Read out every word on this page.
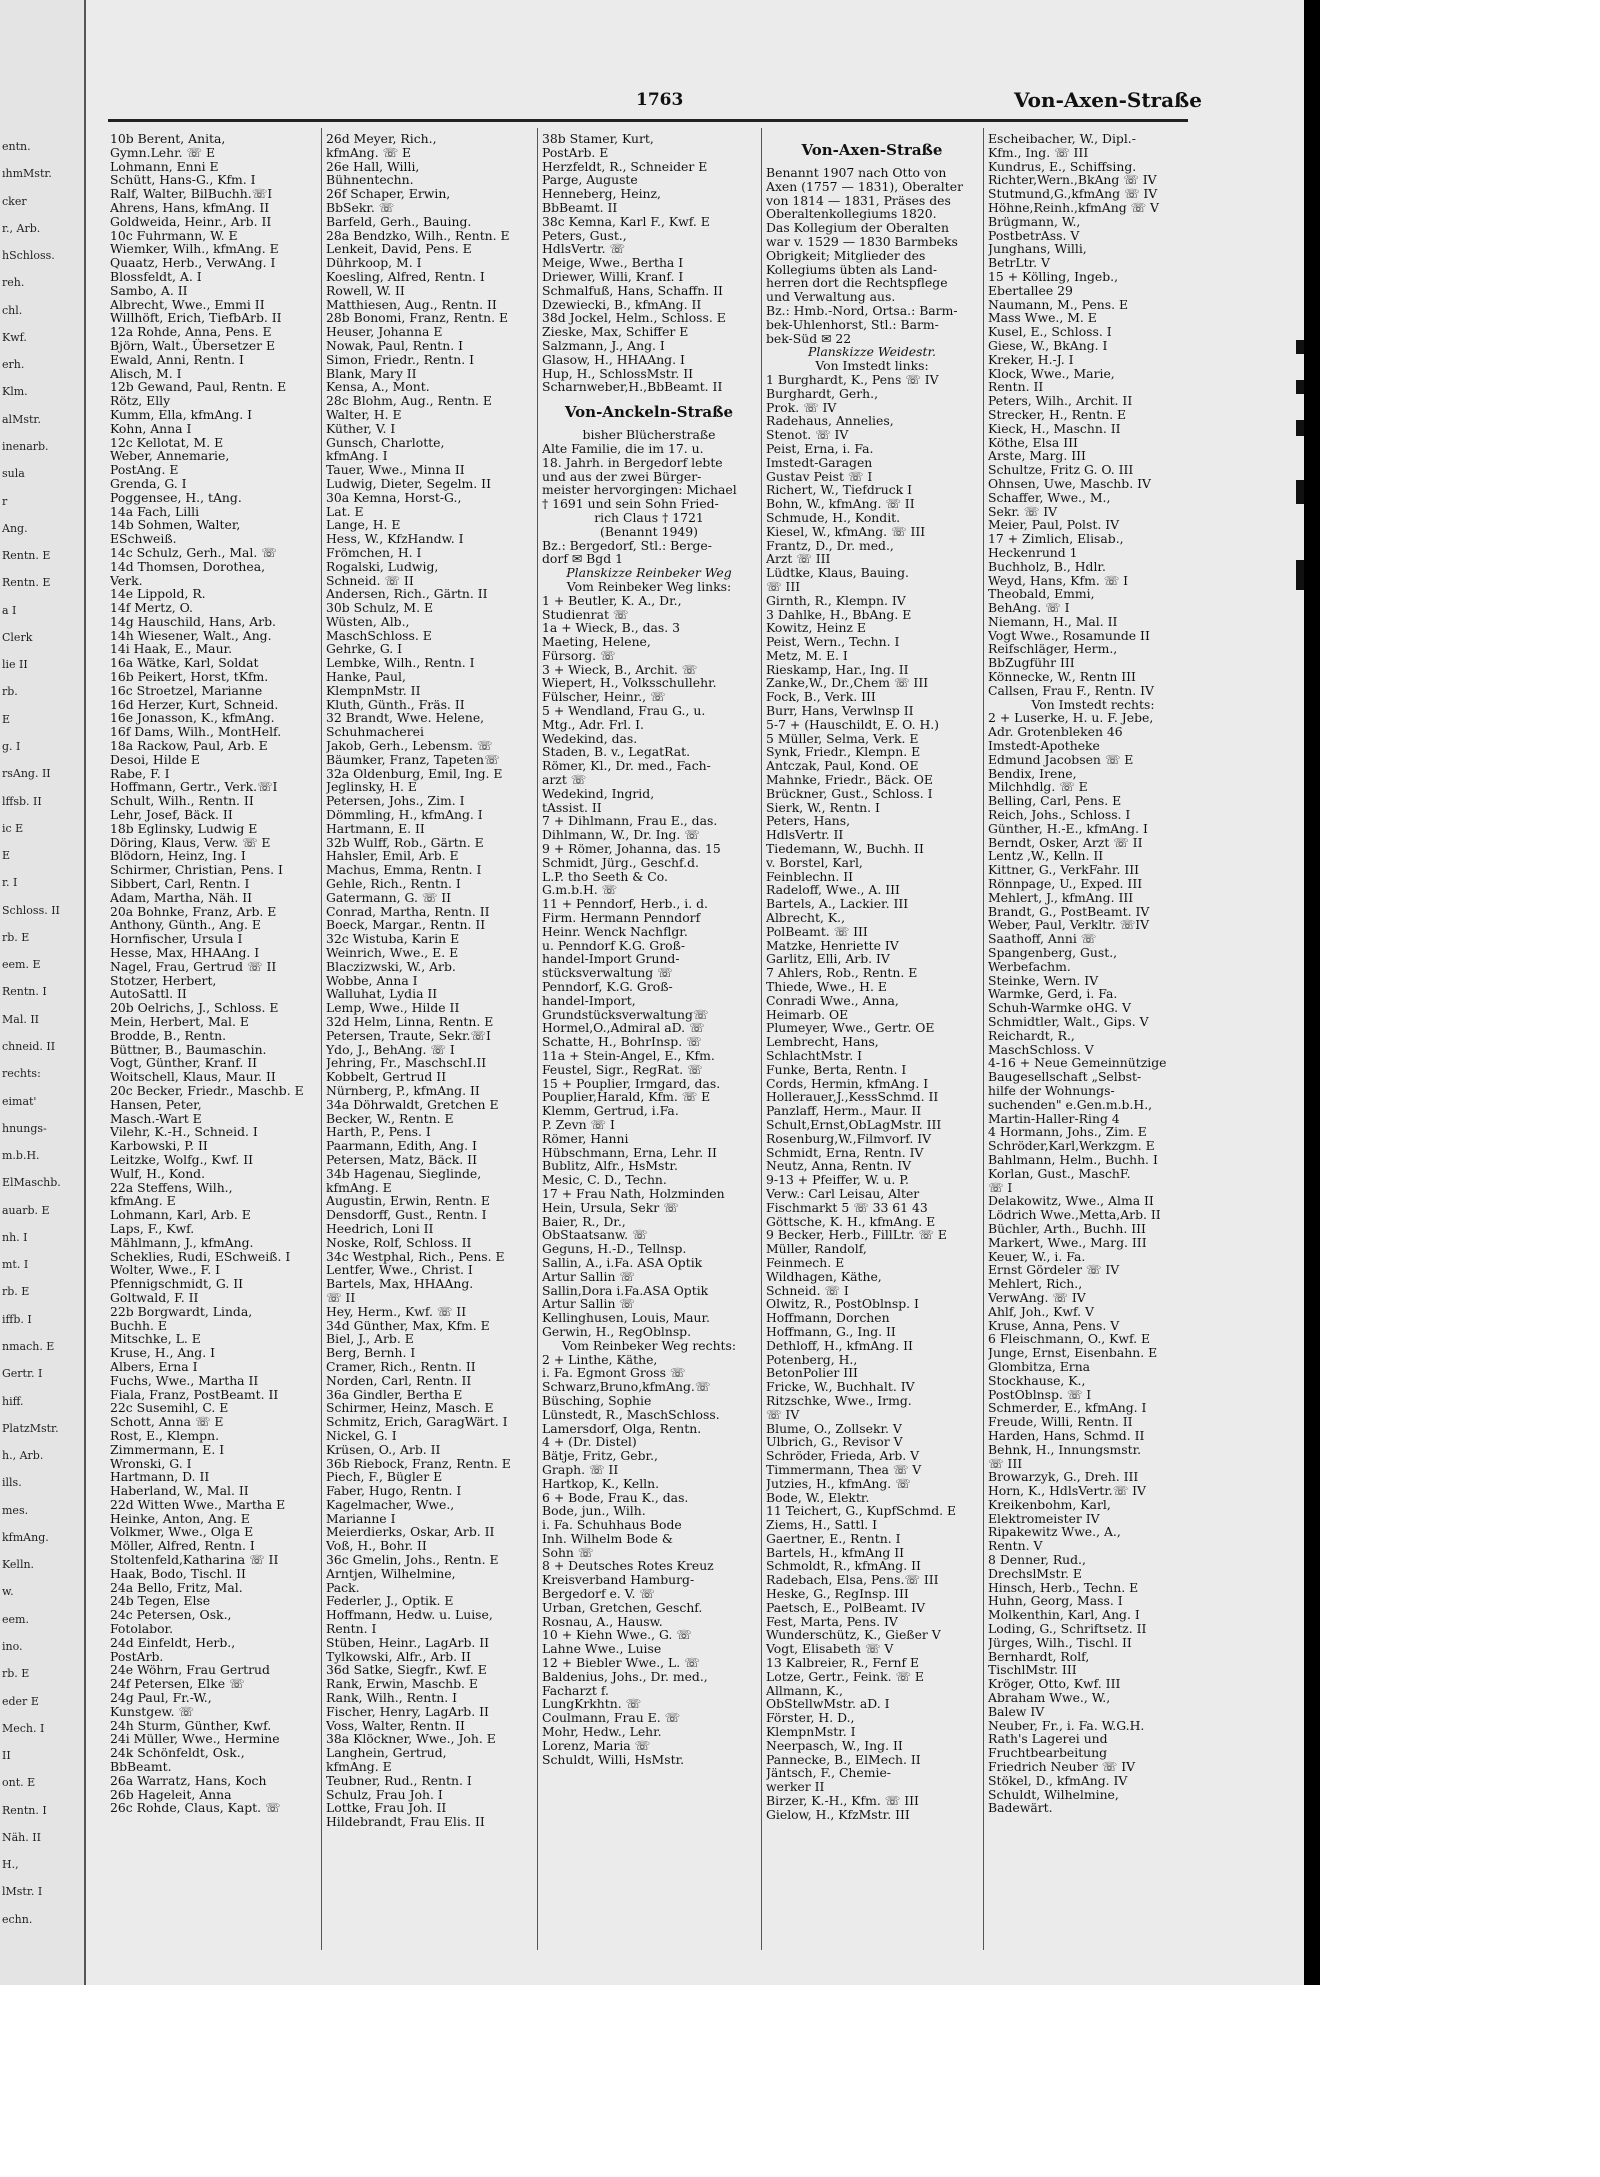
entn.
ıhmMstr.
cker
r., Arb.
hSchloss.
reh.
chl.
Kwf.
erh.
Klm.
alMstr.
inenarb.
sula
r
Ang.
Rentn. E
Rentn. E
a I
Clerk
lie II
rb.
E
g. I
rsAng. II
lffsb. II
ic E
E
r. I
Schloss. II
rb. E
eem. E
Rentn. I
Mal. II
chneid. II
rechts:
eimat'
hnungs-
m.b.H.
ElMaschb.
auarb. E
nh. I
mt. I
rb. E
iffb. I
nmach. E
Gertr. I
hiff.
PlatzMstr.
h., Arb.
ills.
mes.
kfmAng.
Kelln.
w.
eem.
ino.
rb. E
eder E
Mech. I
II
ont. E
Rentn. I
Näh. II
H.,
lMstr. I
echn.
1763	Von-Axen-Straße
10b Berent, Anita,
Gymn.Lehr. ☏ E
Lohmann, Enni E
Schütt, Hans-G., Kfm. I
Ralf, Walter, BilBuchh.☏I
Ahrens, Hans, kfmAng. II
Goldweida, Heinr., Arb. II
10c Fuhrmann, W. E
Wiemker, Wilh., kfmAng. E
Quaatz, Herb., VerwAng. I
Blossfeldt, A. I
Sambo, A. II
Albrecht, Wwe., Emmi II
Willhöft, Erich, TiefbArb. II
12a Rohde, Anna, Pens. E
Björn, Walt., Übersetzer E
Ewald, Anni, Rentn. I
Alisch, M. I
12b Gewand, Paul, Rentn. E
Rötz, Elly
Kumm, Ella, kfmAng. I
Kohn, Anna I
12c Kellotat, M. E
Weber, Annemarie,
PostAng. E
Grenda, G. I
Poggensee, H., tAng.
14a Fach, Lilli
14b Sohmen, Walter,
ESchweiß.
14c Schulz, Gerh., Mal. ☏
14d Thomsen, Dorothea,
Verk.
14e Lippold, R.
14f Mertz, O.
14g Hauschild, Hans, Arb.
14h Wiesener, Walt., Ang.
14i Haak, E., Maur.
16a Wätke, Karl, Soldat
16b Peikert, Horst, tKfm.
16c Stroetzel, Marianne
16d Herzer, Kurt, Schneid.
16e Jonasson, K., kfmAng.
16f Dams, Wilh., MontHelf.
18a Rackow, Paul, Arb. E
Desoi, Hilde E
Rabe, F. I
Hoffmann, Gertr., Verk.☏I
Schult, Wilh., Rentn. II
Lehr, Josef, Bäck. II
18b Eglinsky, Ludwig E
Döring, Klaus, Verw. ☏ E
Blödorn, Heinz, Ing. I
Schirmer, Christian, Pens. I
Sibbert, Carl, Rentn. I
Adam, Martha, Näh. II
20a Bohnke, Franz, Arb. E
Anthony, Günth., Ang. E
Hornfischer, Ursula I
Hesse, Max, HHAAng. I
Nagel, Frau, Gertrud ☏ II
Stotzer, Herbert,
AutoSattl. II
20b Oelrichs, J., Schloss. E
Mein, Herbert, Mal. E
Brodde, B., Rentn.
Büttner, B., Baumaschin.
Vogt, Günther, Kranf. II
Woitschell, Klaus, Maur. II
20c Becker, Friedr., Maschb. E
Hansen, Peter,
Masch.-Wart E
Vilehr, K.-H., Schneid. I
Karbowski, P. II
Leitzke, Wolfg., Kwf. II
Wulf, H., Kond.
22a Steffens, Wilh.,
kfmAng. E
Lohmann, Karl, Arb. E
Laps, F., Kwf.
Mählmann, J., kfmAng.
Scheklies, Rudi, ESchweiß. I
Wolter, Wwe., F. I
Pfennigschmidt, G. II
Goltwald, F. II
22b Borgwardt, Linda,
Buchh. E
Mitschke, L. E
Kruse, H., Ang. I
Albers, Erna I
Fuchs, Wwe., Martha II
Fiala, Franz, PostBeamt. II
22c Susemihl, C. E
Schott, Anna ☏ E
Rost, E., Klempn.
Zimmermann, E. I
Wronski, G. I
Hartmann, D. II
Haberland, W., Mal. II
22d Witten Wwe., Martha E
Heinke, Anton, Ang. E
Volkmer, Wwe., Olga E
Möller, Alfred, Rentn. I
Stoltenfeld,Katharina ☏ II
Haak, Bodo, Tischl. II
24a Bello, Fritz, Mal.
24b Tegen, Else
24c Petersen, Osk.,
Fotolabor.
24d Einfeldt, Herb.,
PostArb.
24e Wöhrn, Frau Gertrud
24f Petersen, Elke ☏
24g Paul, Fr.-W.,
Kunstgew. ☏
24h Sturm, Günther, Kwf.
24i Müller, Wwe., Hermine
24k Schönfeldt, Osk.,
BbBeamt.
26a Warratz, Hans, Koch
26b Hageleit, Anna
26c Rohde, Claus, Kapt. ☏
26d Meyer, Rich.,
kfmAng. ☏ E
26e Hall, Willi,
Bühnentechn.
26f Schaper, Erwin,
BbSekr. ☏
Barfeld, Gerh., Bauing.
28a Bendzko, Wilh., Rentn. E
Lenkeit, David, Pens. E
Dührkoop, M. I
Koesling, Alfred, Rentn. I
Rowell, W. II
Matthiesen, Aug., Rentn. II
28b Bonomi, Franz, Rentn. E
Heuser, Johanna E
Nowak, Paul, Rentn. I
Simon, Friedr., Rentn. I
Blank, Mary II
Kensa, A., Mont.
28c Blohm, Aug., Rentn. E
Walter, H. E
Küther, V. I
Gunsch, Charlotte,
kfmAng. I
Tauer, Wwe., Minna II
Ludwig, Dieter, Segelm. II
30a Kemna, Horst-G.,
Lat. E
Lange, H. E
Hess, W., KfzHandw. I
Frömchen, H. I
Rogalski, Ludwig,
Schneid. ☏ II
Andersen, Rich., Gärtn. II
30b Schulz, M. E
Wüsten, Alb.,
MaschSchloss. E
Gehrke, G. I
Lembke, Wilh., Rentn. I
Hanke, Paul,
KlempnMstr. II
Kluth, Günth., Fräs. II
32 Brandt, Wwe. Helene,
Schuhmacherei
Jakob, Gerh., Lebensm. ☏
Bäumker, Franz, Tapeten☏
32a Oldenburg, Emil, Ing. E
Jeglinsky, H. E
Petersen, Johs., Zim. I
Dömmling, H., kfmAng. I
Hartmann, E. II
32b Wulff, Rob., Gärtn. E
Hahsler, Emil, Arb. E
Machus, Emma, Rentn. I
Gehle, Rich., Rentn. I
Gatermann, G. ☏ II
Conrad, Martha, Rentn. II
Boeck, Margar., Rentn. II
32c Wistuba, Karin E
Weinrich, Wwe., E. E
Blaczizwski, W., Arb.
Wobbe, Anna I
Walluhat, Lydia II
Lemp, Wwe., Hilde II
32d Helm, Linna, Rentn. E
Petersen, Traute, Sekr.☏I
Ydo, J., BehAng. ☏ I
Jehring, Fr., MaschschI.II
Kobbelt, Gertrud II
Nürnberg, P., kfmAng. II
34a Döhrwaldt, Gretchen E
Becker, W., Rentn. E
Harth, P., Pens. I
Paarmann, Edith, Ang. I
Petersen, Matz, Bäck. II
34b Hagenau, Sieglinde,
kfmAng. E
Augustin, Erwin, Rentn. E
Densdorff, Gust., Rentn. I
Heedrich, Loni II
Noske, Rolf, Schloss. II
34c Westphal, Rich., Pens. E
Lentfer, Wwe., Christ. I
Bartels, Max, HHAAng.
☏ II
Hey, Herm., Kwf. ☏ II
34d Günther, Max, Kfm. E
Biel, J., Arb. E
Berg, Bernh. I
Cramer, Rich., Rentn. II
Norden, Carl, Rentn. II
36a Gindler, Bertha E
Schirmer, Heinz, Masch. E
Schmitz, Erich, GaragWärt. I
Nickel, G. I
Krüsen, O., Arb. II
36b Riebock, Franz, Rentn. E
Piech, F., Bügler E
Faber, Hugo, Rentn. I
Kagelmacher, Wwe.,
Marianne I
Meierdierks, Oskar, Arb. II
Voß, H., Bohr. II
36c Gmelin, Johs., Rentn. E
Arntjen, Wilhelmine,
Pack.
Federler, J., Optik. E
Hoffmann, Hedw. u. Luise,
Rentn. I
Stüben, Heinr., LagArb. II
Tylkowski, Alfr., Arb. II
36d Satke, Siegfr., Kwf. E
Rank, Erwin, Maschb. E
Rank, Wilh., Rentn. I
Fischer, Henry, LagArb. II
Voss, Walter, Rentn. II
38a Klöckner, Wwe., Joh. E
Langhein, Gertrud,
kfmAng. E
Teubner, Rud., Rentn. I
Schulz, Frau Joh. I
Lottke, Frau Joh. II
Hildebrandt, Frau Elis. II
38b Stamer, Kurt,
PostArb. E
Herzfeldt, R., Schneider E
Parge, Auguste
Henneberg, Heinz,
BbBeamt. II
38c Kemna, Karl F., Kwf. E
Peters, Gust.,
HdlsVertr. ☏
Meige, Wwe., Bertha I
Driewer, Willi, Kranf. I
Schmalfuß, Hans, Schaffn. II
Dzewiecki, B., kfmAng. II
38d Jockel, Helm., Schloss. E
Zieske, Max, Schiffer E
Salzmann, J., Ang. I
Glasow, H., HHAAng. I
Hup, H., SchlossMstr. II
Scharnweber,H.,BbBeamt. II
Von-Anckeln-Straße
bisher Blücherstraße
Alte Familie, die im 17. u.
18. Jahrh. in Bergedorf lebte
und aus der zwei Bürger-
meister hervorgingen: Michael
† 1691 und sein Sohn Fried-
rich Claus † 1721
(Benannt 1949)
Bz.: Bergedorf, Stl.: Berge-
dorf ✉ Bgd 1
Planskizze Reinbeker Weg
Vom Reinbeker Weg links:
1 + Beutler, K. A., Dr.,
Studienrat ☏
1a + Wieck, B., das. 3
Maeting, Helene,
Fürsorg. ☏
3 + Wieck, B., Archit. ☏
Wiepert, H., Volksschullehr.
Fülscher, Heinr., ☏
5 + Wendland, Frau G., u.
Mtg., Adr. Frl. I.
Wedekind, das.
Staden, B. v., LegatRat.
Römer, Kl., Dr. med., Fach-
arzt ☏
Wedekind, Ingrid,
tAssist. II
7 + Dihlmann, Frau E., das.
Dihlmann, W., Dr. Ing. ☏
9 + Römer, Johanna, das. 15
Schmidt, Jürg., Geschf.d.
L.P. tho Seeth & Co.
G.m.b.H. ☏
11 + Penndorf, Herb., i. d.
Firm. Hermann Penndorf
Heinr. Wenck Nachflgr.
u. Penndorf K.G. Groß-
handel-Import Grund-
stücksverwaltung ☏
Penndorf, K.G. Groß-
handel-Import,
Grundstücksverwaltung☏
Hormel,O.,Admiral aD. ☏
Schatte, H., BohrInsp. ☏
11a + Stein-Angel, E., Kfm.
Feustel, Sigr., RegRat. ☏
15 + Pouplier, Irmgard, das.
Pouplier,Harald, Kfm. ☏ E
Klemm, Gertrud, i.Fa.
P. Zevn ☏ I
Römer, Hanni
Hübschmann, Erna, Lehr. II
Bublitz, Alfr., HsMstr.
Mesic, C. D., Techn.
17 + Frau Nath, Holzminden
Hein, Ursula, Sekr ☏
Baier, R., Dr.,
ObStaatsanw. ☏
Geguns, H.-D., Tellnsp.
Sallin, A., i.Fa. ASA Optik
Artur Sallin ☏
Sallin,Dora i.Fa.ASA Optik
Artur Sallin ☏
Kellinghusen, Louis, Maur.
Gerwin, H., RegOblnsp.
Vom Reinbeker Weg rechts:
2 + Linthe, Käthe,
i. Fa. Egmont Gross ☏
Schwarz,Bruno,kfmAng.☏
Büsching, Sophie
Lünstedt, R., MaschSchloss.
Lamersdorf, Olga, Rentn.
4 + (Dr. Distel)
Bätje, Fritz, Gebr.,
Graph. ☏ II
Hartkop, K., Kelln.
6 + Bode, Frau K., das.
Bode, jun., Wilh.
i. Fa. Schuhhaus Bode
Inh. Wilhelm Bode &
Sohn ☏
8 + Deutsches Rotes Kreuz
Kreisverband Hamburg-
Bergedorf e. V. ☏
Urban, Gretchen, Geschf.
Rosnau, A., Hausw.
10 + Kiehn Wwe., G. ☏
Lahne Wwe., Luise
12 + Biebler Wwe., L. ☏
Baldenius, Johs., Dr. med.,
Facharzt f.
LungKrkhtn. ☏
Coulmann, Frau E. ☏
Mohr, Hedw., Lehr.
Lorenz, Maria ☏
Schuldt, Willi, HsMstr.
Von-Axen-Straße
Benannt 1907 nach Otto von
Axen (1757 — 1831), Oberalter
von 1814 — 1831, Präses des
Oberaltenkollegiums 1820.
Das Kollegium der Oberalten
war v. 1529 — 1830 Barmbeks
Obrigkeit; Mitglieder des
Kollegiums übten als Land-
herren dort die Rechtspflege
und Verwaltung aus.
Bz.: Hmb.-Nord, Ortsa.: Barm-
bek-Uhlenhorst, Stl.: Barm-
bek-Süd ✉ 22
Planskizze Weidestr.
Von Imstedt links:
1 Burghardt, K., Pens ☏ IV
Burghardt, Gerh.,
Prok. ☏ IV
Radehaus, Annelies,
Stenot. ☏ IV
Peist, Erna, i. Fa.
Imstedt-Garagen
Gustav Peist ☏ I
Richert, W., Tiefdruck I
Bohn, W., kfmAng. ☏ II
Schmude, H., Kondit.
Kiesel, W., kfmAng. ☏ III
Frantz, D., Dr. med.,
Arzt ☏ III
Lüdtke, Klaus, Bauing.
☏ III
Girnth, R., Klempn. IV
3 Dahlke, H., BbAng. E
Kowitz, Heinz E
Peist, Wern., Techn. I
Metz, M. E. I
Rieskamp, Har., Ing. II
Zanke,W., Dr.,Chem ☏ III
Fock, B., Verk. III
Burr, Hans, Verwlnsp II
5-7 + (Hauschildt, E. O. H.)
5 Müller, Selma, Verk. E
Synk, Friedr., Klempn. E
Antczak, Paul, Kond. OE
Mahnke, Friedr., Bäck. OE
Brückner, Gust., Schloss. I
Sierk, W., Rentn. I
Peters, Hans,
HdlsVertr. II
Tiedemann, W., Buchh. II
v. Borstel, Karl,
Feinblechn. II
Radeloff, Wwe., A. III
Bartels, A., Lackier. III
Albrecht, K.,
PolBeamt. ☏ III
Matzke, Henriette IV
Garlitz, Elli, Arb. IV
7 Ahlers, Rob., Rentn. E
Thiede, Wwe., H. E
Conradi Wwe., Anna,
Heimarb. OE
Plumeyer, Wwe., Gertr. OE
Lembrecht, Hans,
SchlachtMstr. I
Funke, Berta, Rentn. I
Cords, Hermin, kfmAng. I
Hollerauer,J.,KessSchmd. II
Panzlaff, Herm., Maur. II
Schult,Ernst,ObLagMstr. III
Rosenburg,W.,Filmvorf. IV
Schmidt, Erna, Rentn. IV
Neutz, Anna, Rentn. IV
9-13 + Pfeiffer, W. u. P.
Verw.: Carl Leisau, Alter
Fischmarkt 5 ☏ 33 61 43
Göttsche, K. H., kfmAng. E
9 Becker, Herb., FillLtr. ☏ E
Müller, Randolf,
Feinmech. E
Wildhagen, Käthe,
Schneid. ☏ I
Olwitz, R., PostOblnsp. I
Hoffmann, Dorchen
Hoffmann, G., Ing. II
Dethloff, H., kfmAng. II
Potenberg, H.,
BetonPolier III
Fricke, W., Buchhalt. IV
Ritzschke, Wwe., Irmg.
☏ IV
Blume, O., Zollsekr. V
Ulbrich, G., Revisor V
Schröder, Frieda, Arb. V
Timmermann, Thea ☏ V
Jutzies, H., kfmAng. ☏
Bode, W., Elektr.
11 Teichert, G., KupfSchmd. E
Ziems, H., Sattl. I
Gaertner, E., Rentn. I
Bartels, H., kfmAng II
Schmoldt, R., kfmAng. II
Radebach, Elsa, Pens.☏ III
Heske, G., RegInsp. III
Paetsch, E., PolBeamt. IV
Fest, Marta, Pens. IV
Wunderschütz, K., Gießer V
Vogt, Elisabeth ☏ V
13 Kalbreier, R., Fernf E
Lotze, Gertr., Feink. ☏ E
Allmann, K.,
ObStellwMstr. aD. I
Förster, H. D.,
KlempnMstr. I
Neerpasch, W., Ing. II
Pannecke, B., ElMech. II
Jäntsch, F., Chemie-
werker II
Birzer, K.-H., Kfm. ☏ III
Gielow, H., KfzMstr. III
Escheibacher, W., Dipl.-
Kfm., Ing. ☏ III
Kundrus, E., Schiffsing.
Richter,Wern.,BkAng ☏ IV
Stutmund,G.,kfmAng ☏ IV
Höhne,Reinh.,kfmAng ☏ V
Brügmann, W.,
PostbetrAss. V
Junghans, Willi,
BetrLtr. V
15 + Kölling, Ingeb.,
Ebertallee 29
Naumann, M., Pens. E
Mass Wwe., M. E
Kusel, E., Schloss. I
Giese, W., BkAng. I
Kreker, H.-J. I
Klock, Wwe., Marie,
Rentn. II
Peters, Wilh., Archit. II
Strecker, H., Rentn. E
Kieck, H., Maschn. II
Köthe, Elsa III
Arste, Marg. III
Schultze, Fritz G. O. III
Ohnsen, Uwe, Maschb. IV
Schaffer, Wwe., M.,
Sekr. ☏ IV
Meier, Paul, Polst. IV
17 + Zimlich, Elisab.,
Heckenrund 1
Buchholz, B., Hdlr.
Weyd, Hans, Kfm. ☏ I
Theobald, Emmi,
BehAng. ☏ I
Niemann, H., Mal. II
Vogt Wwe., Rosamunde II
Reifschläger, Herm.,
BbZugführ III
Könnecke, W., Rentn III
Callsen, Frau F., Rentn. IV
Von Imstedt rechts:
2 + Luserke, H. u. F. Jebe,
Adr. Grotenbleken 46
Imstedt-Apotheke
Edmund Jacobsen ☏ E
Bendix, Irene,
Milchhdlg. ☏ E
Belling, Carl, Pens. E
Reich, Johs., Schloss. I
Günther, H.-E., kfmAng. I
Berndt, Osker, Arzt ☏ II
Lentz ,W., Kelln. II
Kittner, G., VerkFahr. III
Rönnpage, U., Exped. III
Mehlert, J., kfmAng. III
Brandt, G., PostBeamt. IV
Weber, Paul, Verkltr. ☏IV
Saathoff, Anni ☏
Spangenberg, Gust.,
Werbefachm.
Steinke, Wern. IV
Warmke, Gerd, i. Fa.
Schuh-Warmke oHG. V
Schmidtler, Walt., Gips. V
Reichardt, R.,
MaschSchloss. V
4-16 + Neue Gemeinnützige
Baugesellschaft „Selbst-
hilfe der Wohnungs-
suchenden" e.Gen.m.b.H.,
Martin-Haller-Ring 4
4 Hormann, Johs., Zim. E
Schröder,Karl,Werkzgm. E
Bahlmann, Helm., Buchh. I
Korlan, Gust., MaschF.
☏ I
Delakowitz, Wwe., Alma II
Lödrich Wwe.,Metta,Arb. II
Büchler, Arth., Buchh. III
Markert, Wwe., Marg. III
Keuer, W., i. Fa.
Ernst Gördeler ☏ IV
Mehlert, Rich.,
VerwAng. ☏ IV
Ahlf, Joh., Kwf. V
Kruse, Anna, Pens. V
6 Fleischmann, O., Kwf. E
Junge, Ernst, Eisenbahn. E
Glombitza, Erna
Stockhause, K.,
PostOblnsp. ☏ I
Schmerder, E., kfmAng. I
Freude, Willi, Rentn. II
Harden, Hans, Schmd. II
Behnk, H., Innungsmstr.
☏ III
Browarzyk, G., Dreh. III
Horn, K., HdlsVertr.☏ IV
Kreikenbohm, Karl,
Elektromeister IV
Ripakewitz Wwe., A.,
Rentn. V
8 Denner, Rud.,
DrechslMstr. E
Hinsch, Herb., Techn. E
Huhn, Georg, Mass. I
Molkenthin, Karl, Ang. I
Loding, G., Schriftsetz. II
Jürges, Wilh., Tischl. II
Bernhardt, Rolf,
TischlMstr. III
Kröger, Otto, Kwf. III
Abraham Wwe., W.,
Balew IV
Neuber, Fr., i. Fa. W.G.H.
Rath's Lagerei und
Fruchtbearbeitung
Friedrich Neuber ☏ IV
Stökel, D., kfmAng. IV
Schuldt, Wilhelmine,
Badewärt.
